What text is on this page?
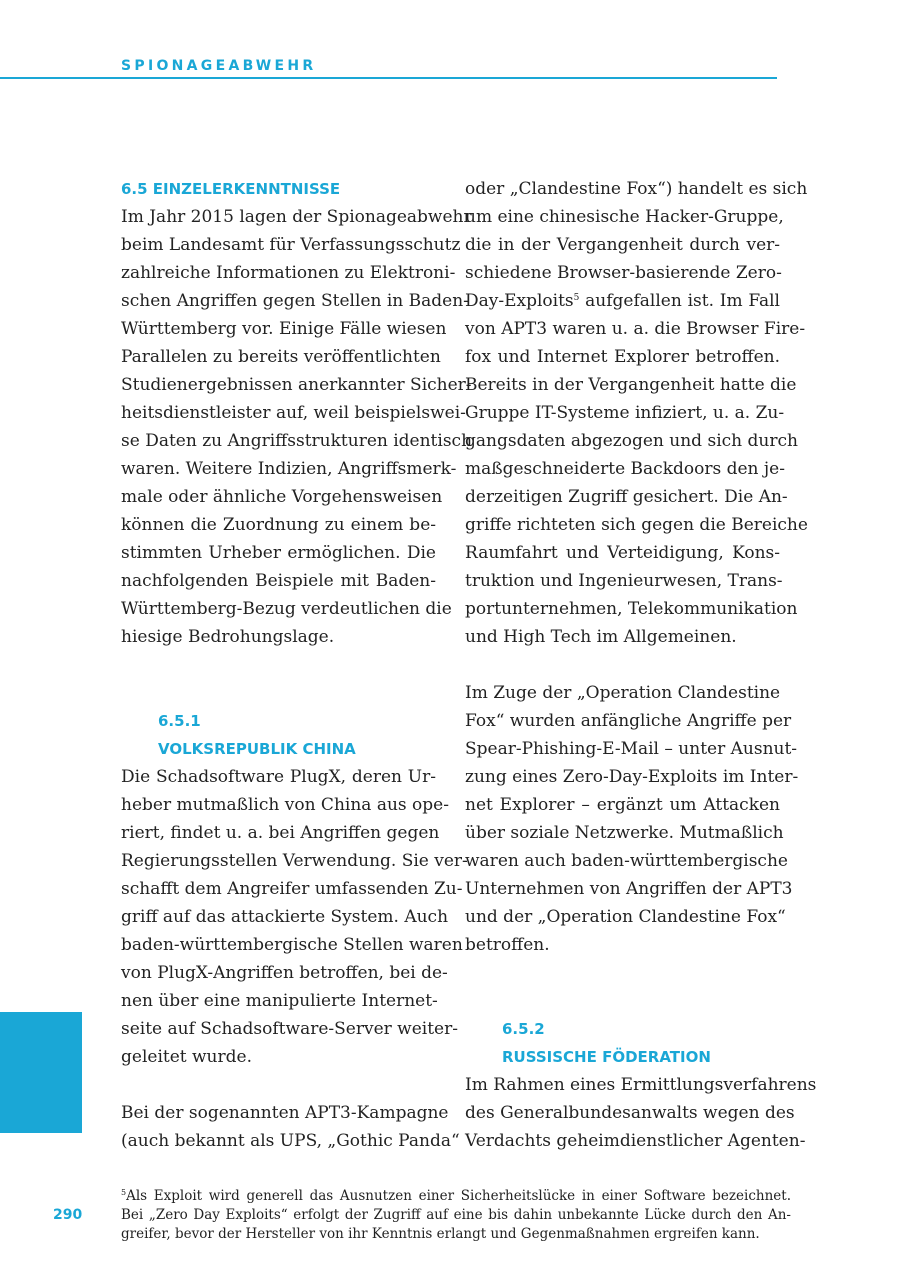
SPIONAGEABWEHR
6.5 EINZELERKENNTNISSE
Im Jahr 2015 lagen der Spionageabwehr
beim Landesamt für Verfassungsschutz
zahlreiche Informationen zu Elektroni-
schen Angriffen gegen Stellen in Baden-
Württemberg vor. Einige Fälle wiesen
Parallelen zu bereits veröffentlichten
Studienergebnissen anerkannter Sicher-
heitsdienstleister auf, weil beispielswei-
se Daten zu Angriffsstrukturen identisch
waren. Weitere Indizien, Angriffsmerk-
male oder ähnliche Vorgehensweisen
können die Zuordnung zu einem be-
stimmten Urheber ermöglichen. Die
nachfolgenden Beispiele mit Baden-
Württemberg-Bezug verdeutlichen die
hiesige Bedrohungslage.
6.5.1
VOLKSREPUBLIK CHINA
Die Schadsoftware PlugX, deren Ur-
heber mutmaßlich von China aus ope-
riert, findet u. a. bei Angriffen gegen
Regierungsstellen Verwendung. Sie ver-
schafft dem Angreifer umfassenden Zu-
griff auf das attackierte System. Auch
baden-württembergische Stellen waren
von PlugX-Angriffen betroffen, bei de-
nen über eine manipulierte Internet-
seite auf Schadsoftware-Server weiter-
geleitet wurde.
Bei der sogenannten APT3-Kampagne
(auch bekannt als UPS, „Gothic Panda“
oder „Clandestine Fox“) handelt es sich
um eine chinesische Hacker-Gruppe,
die in der Vergangenheit durch ver-
schiedene Browser-basierende Zero-
Day-Exploits$^5$ aufgefallen ist. Im Fall
von APT3 waren u. a. die Browser Fire-
fox und Internet Explorer betroffen.
Bereits in der Vergangenheit hatte die
Gruppe IT-Systeme infiziert, u. a. Zu-
gangsdaten abgezogen und sich durch
maßgeschneiderte Backdoors den je-
derzeitigen Zugriff gesichert. Die An-
griffe richteten sich gegen die Bereiche
Raumfahrt und Verteidigung, Kons-
truktion und Ingenieurwesen, Trans-
portunternehmen, Telekommunikation
und High Tech im Allgemeinen.
Im Zuge der „Operation Clandestine
Fox“ wurden anfängliche Angriffe per
Spear-Phishing-E-Mail – unter Ausnut-
zung eines Zero-Day-Exploits im Inter-
net Explorer – ergänzt um Attacken
über soziale Netzwerke. Mutmaßlich
waren auch baden-württembergische
Unternehmen von Angriffen der APT3
und der „Operation Clandestine Fox“
betroffen.
6.5.2
RUSSISCHE FÖDERATION
Im Rahmen eines Ermittlungsverfahrens
des Generalbundesanwalts wegen des
Verdachts geheimdienstlicher Agenten-
290
$^5$Als Exploit wird generell das Ausnutzen einer Sicherheitslücke in einer Software bezeichnet.
Bei „Zero Day Exploits“ erfolgt der Zugriff auf eine bis dahin unbekannte Lücke durch den An-
greifer, bevor der Hersteller von ihr Kenntnis erlangt und Gegenmaßnahmen ergreifen kann.
